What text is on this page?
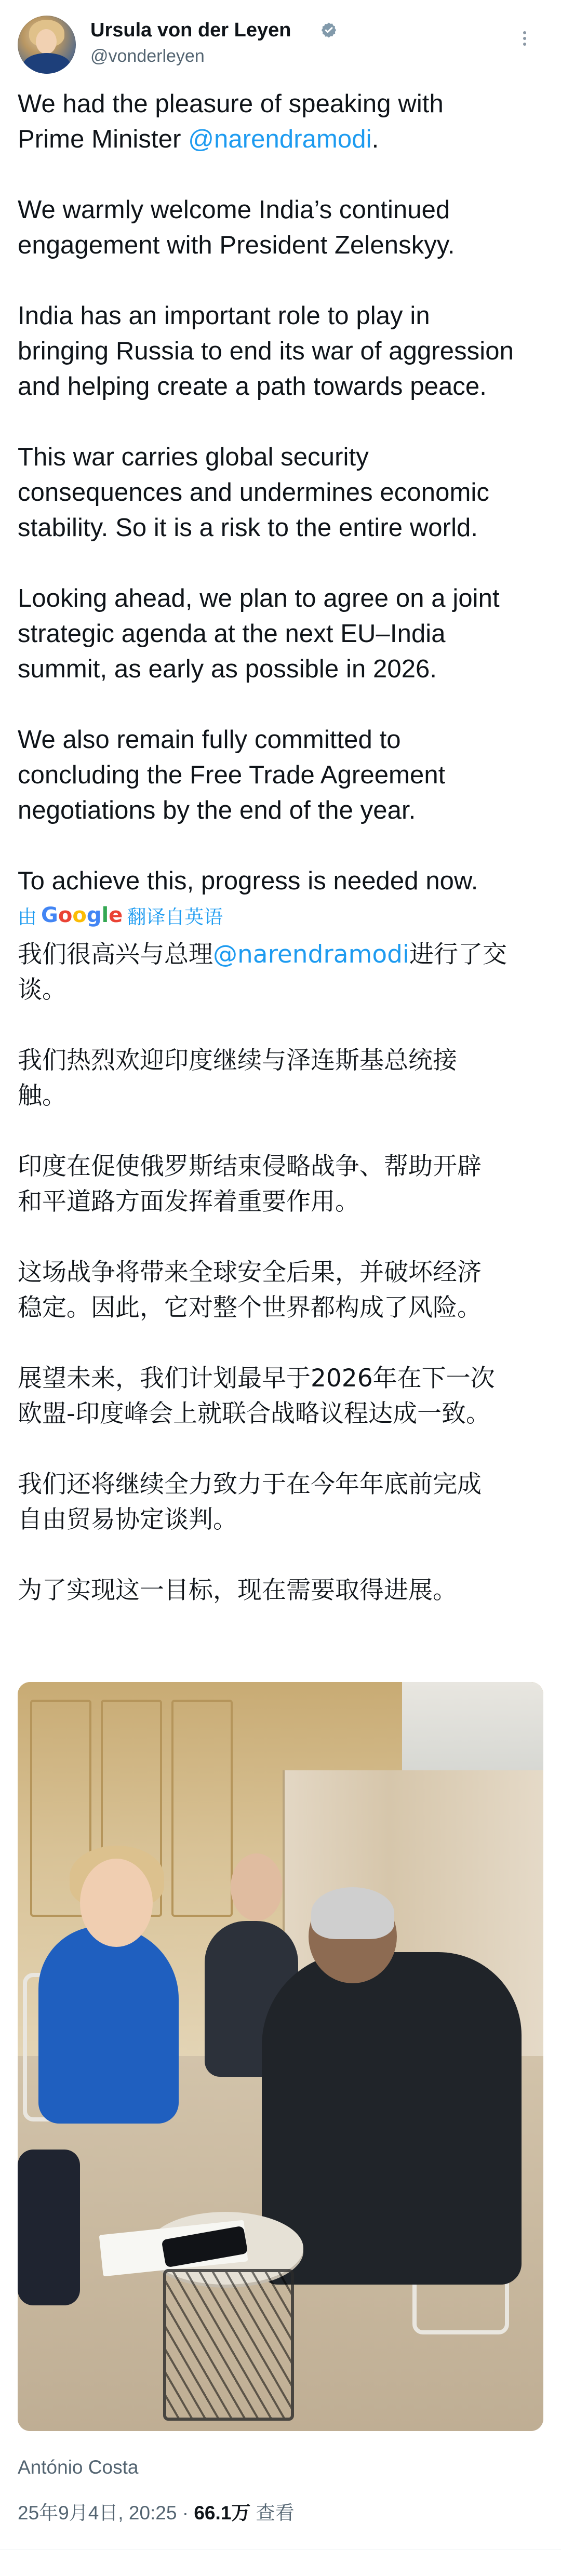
Ursula von der Leyen
@vonderleyen
We had the pleasure of speaking with
Prime Minister @narendramodi.
We warmly welcome India’s continued
engagement with President Zelenskyy.
India has an important role to play in
bringing Russia to end its war of aggression
and helping create a path towards peace.
This war carries global security
consequences and undermines economic
stability. So it is a risk to the entire world.
Looking ahead, we plan to agree on a joint
strategic agenda at the next EU–India
summit, as early as possible in 2026.
We also remain fully committed to
concluding the Free Trade Agreement
negotiations by the end of the year.
To achieve this, progress is needed now.
由 Google 翻译自英语
我们很高兴与总理@narendramodi进行了交
谈。
我们热烈欢迎印度继续与泽连斯基总统接
触。
印度在促使俄罗斯结束侵略战争、帮助开辟
和平道路方面发挥着重要作用。
这场战争将带来全球安全后果，并破坏经济
稳定。因此，它对整个世界都构成了风险。
展望未来，我们计划最早于2026年在下一次
欧盟-印度峰会上就联合战略议程达成一致。
我们还将继续全力致力于在今年年底前完成
自由贸易协定谈判。
为了实现这一目标，现在需要取得进展。
António Costa
25年9月4日, 20:25 · 66.1万 查看
